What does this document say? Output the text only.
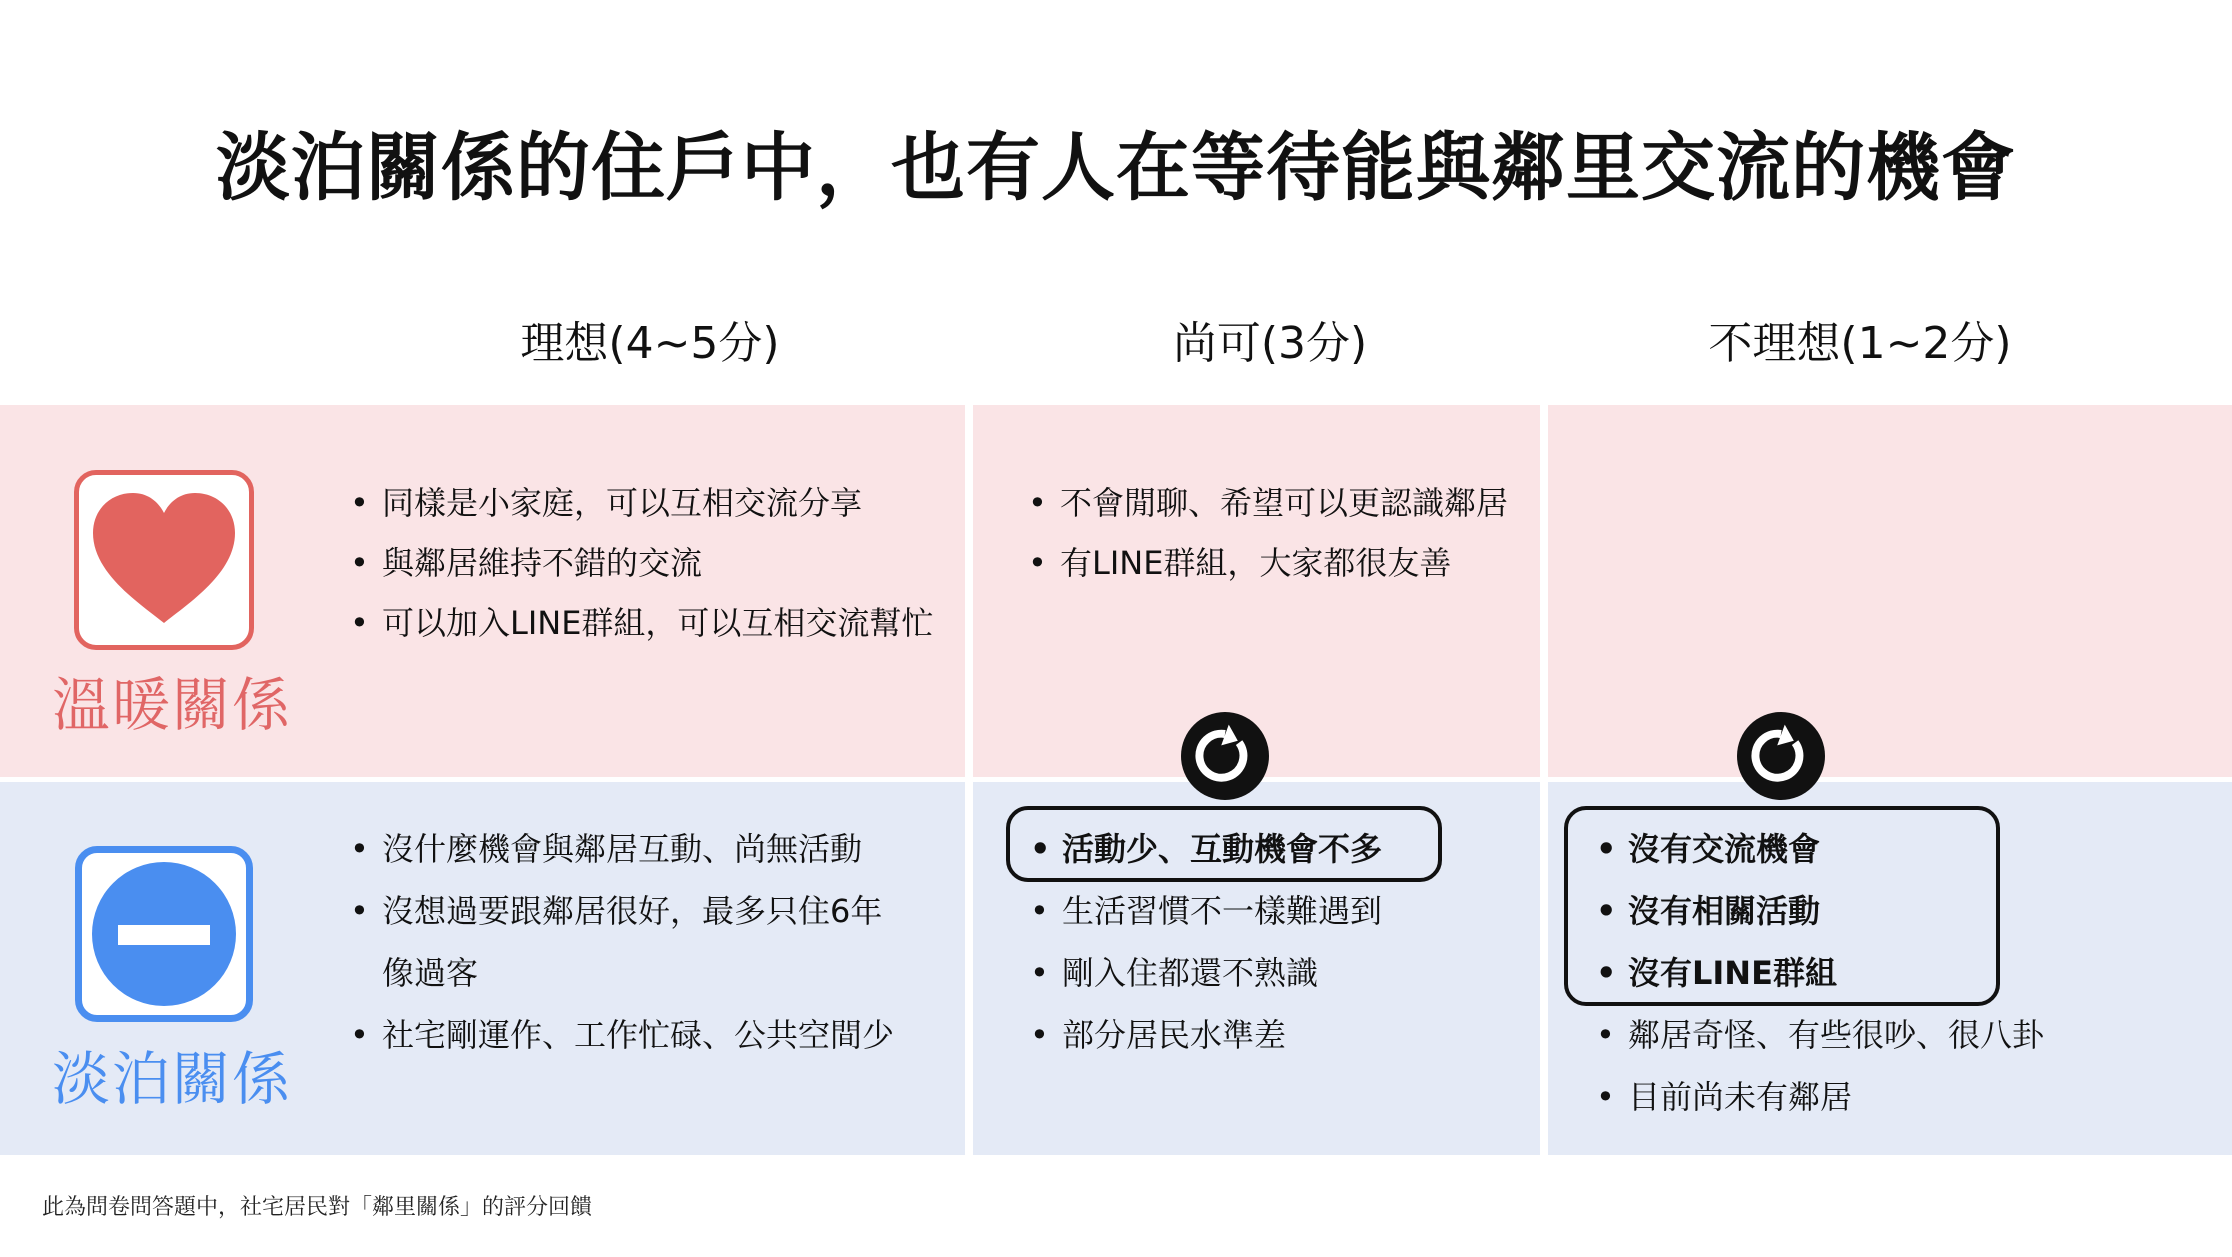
淡泊關係的住戶中，也有人在等待能與鄰里交流的機會
理想(4~5分)	尚可(3分)	不理想(1~2分)
溫暖關係
淡泊關係
• 同樣是小家庭，可以互相交流分享
• 與鄰居維持不錯的交流
• 可以加入LINE群組，可以互相交流幫忙
• 不會閒聊、希望可以更認識鄰居
• 有LINE群組，大家都很友善
• 沒什麼機會與鄰居互動、尚無活動
• 沒想過要跟鄰居很好，最多只住6年
像過客
• 社宅剛運作、工作忙碌、公共空間少
• 活動少、互動機會不多
• 生活習慣不一樣難遇到
• 剛入住都還不熟識
• 部分居民水準差
• 沒有交流機會
• 沒有相關活動
• 沒有LINE群組
• 鄰居奇怪、有些很吵、很八卦
• 目前尚未有鄰居
此為問卷問答題中，社宅居民對「鄰里關係」的評分回饋
